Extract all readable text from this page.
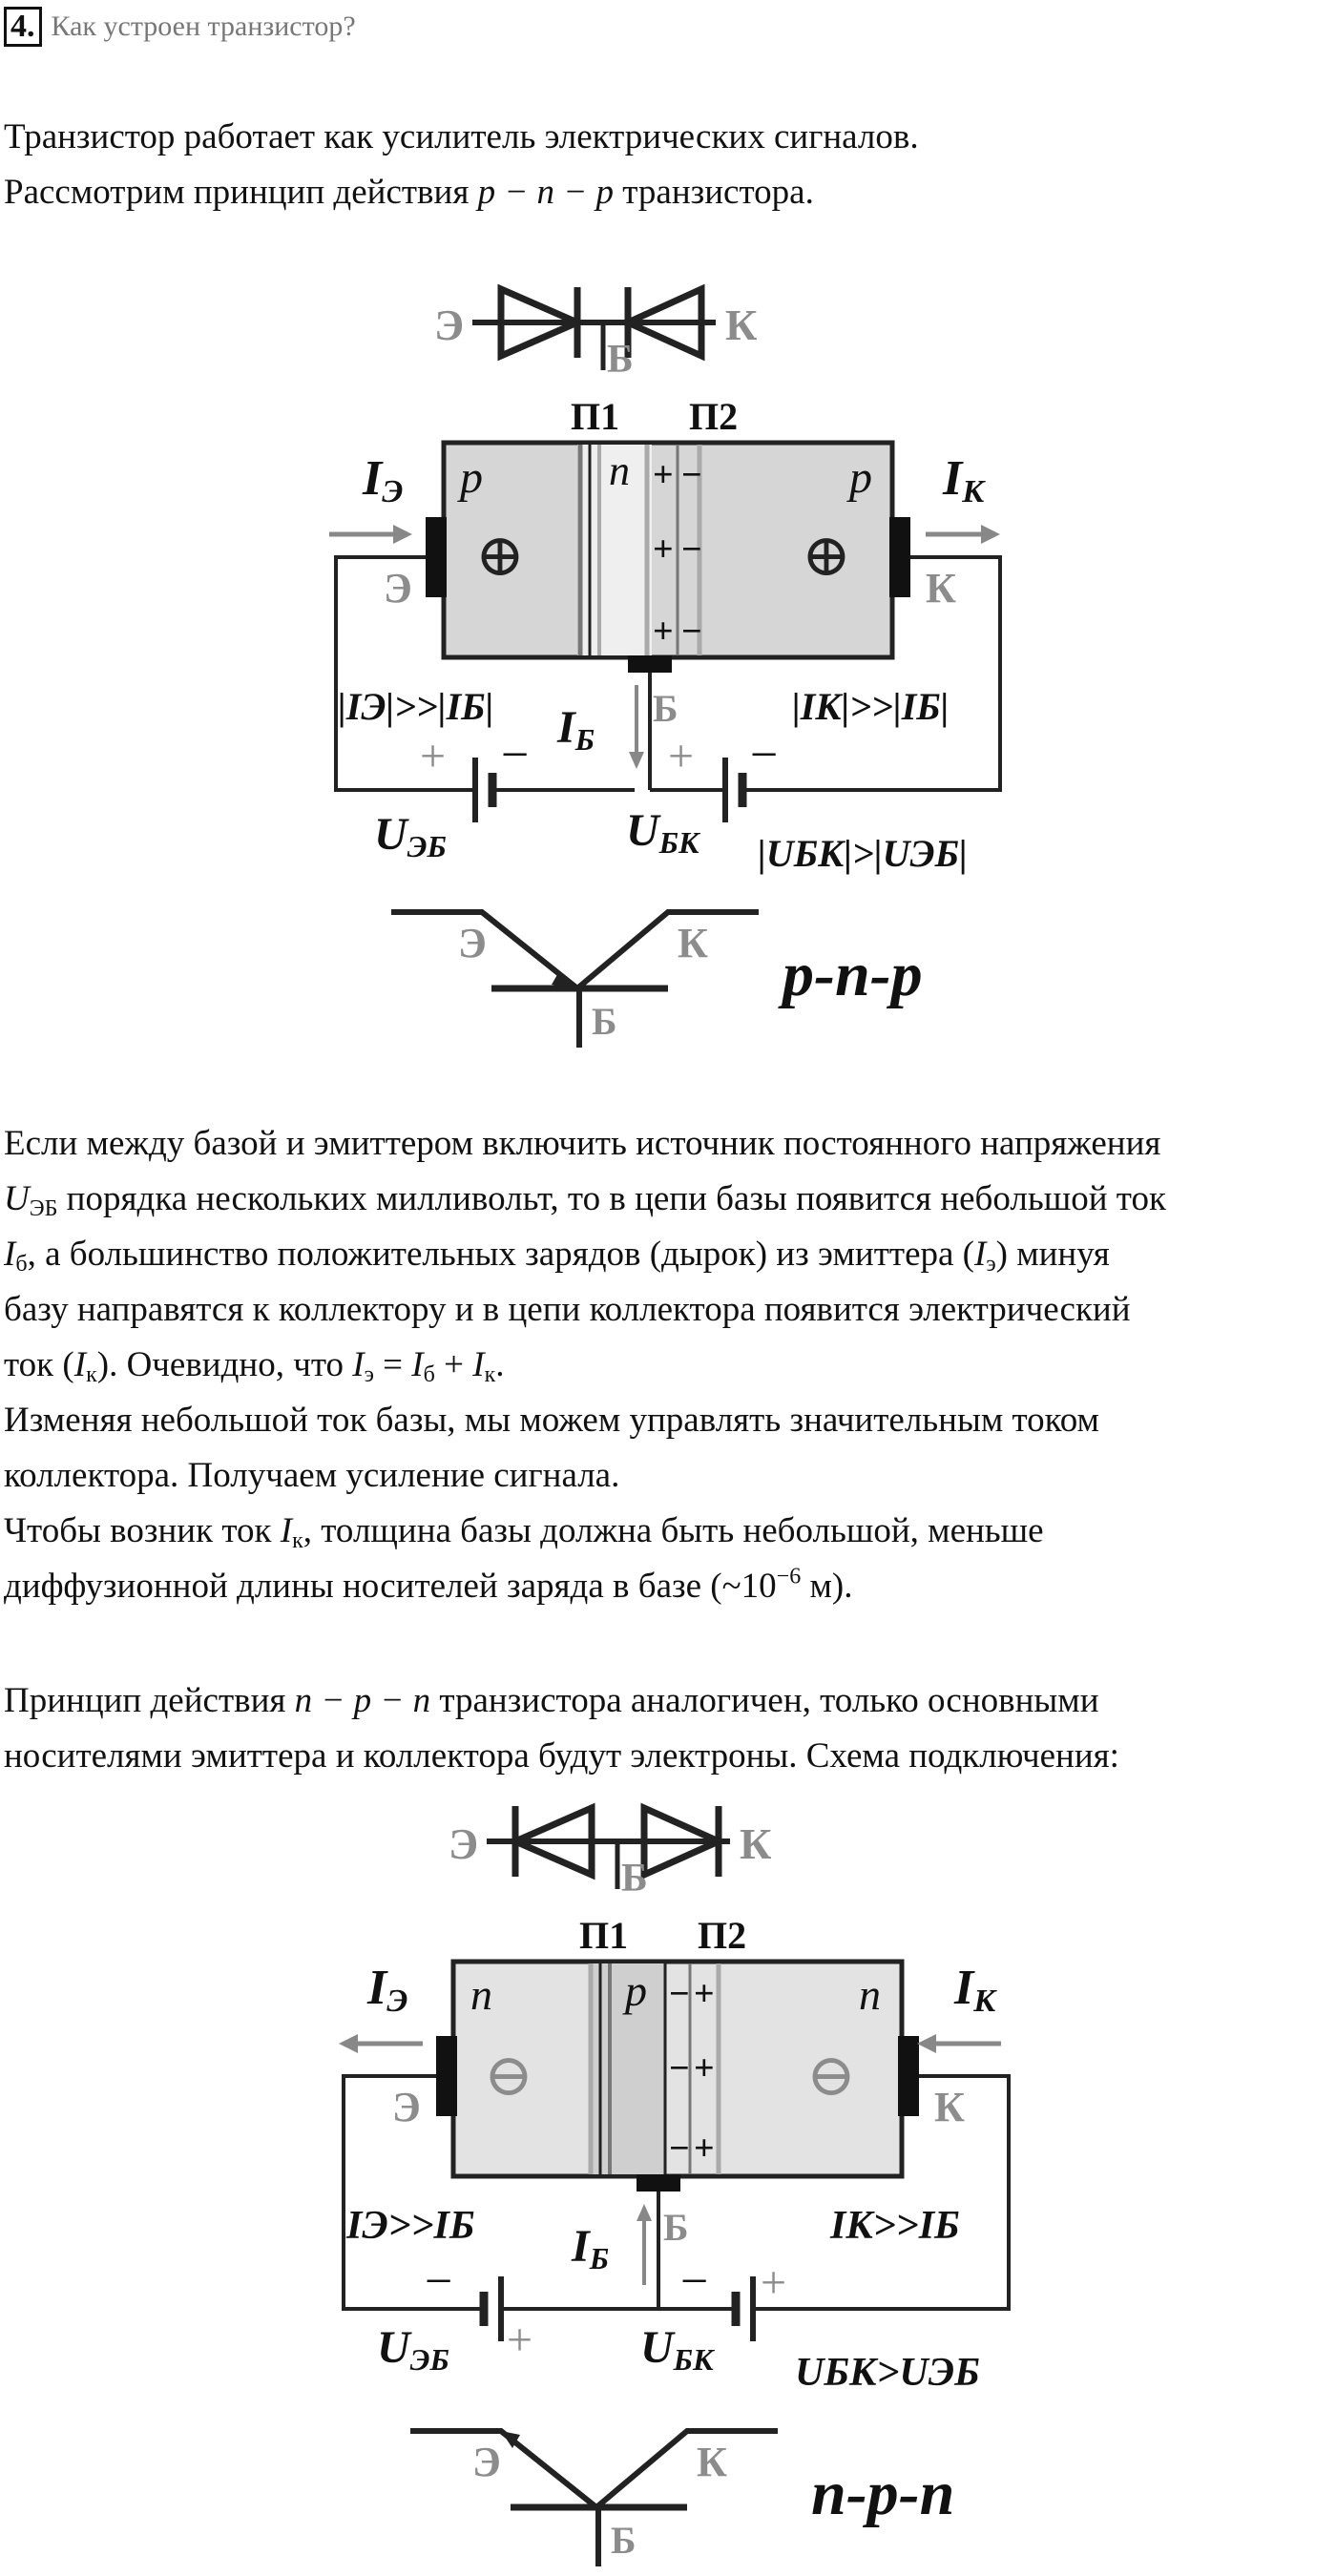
4. Как устроен транзистор?

Транзистор работает как усилитель электрических сигналов.

Рассмотрим принцип действия p − n − p транзистора.

Э
Б
К
П1 П2
p	n	p
+
+
+
−
−
−
⊕	⊕
IЭ	IК
Э	К
Б
+ −	+ −
IБ
|IЭ|>>|IБ|	|IК|>>|IБ|
UЭБ	UБК |UБК|>|UЭБ|
Э	К
Б
p-n-p

Если между базой и эмиттером включить источник постоянного напряжения

$U_{ЭБ}$ порядка нескольких милливольт, то в цепи базы появится небольшой ток

$I_б$, а большинство положительных зарядов (дырок) из эмиттера $(I_э)$ минуя

базу направятся к коллектору и в цепи коллектора появится электрический

ток $(I_к)$. Очевидно, что $I_э = I_б + I_к$.

Изменяя небольшой ток базы, мы можем управлять значительным током

коллектора. Получаем усиление сигнала.

Чтобы возник ток $I_к$, толщина базы должна быть небольшой, меньше

диффузионной длины носителей заряда в базе ($\sim 10^{-6}$ м).

Принцип действия n − p − n транзистора аналогичен, только основными

носителями эмиттера и коллектора будут электроны. Схема подключения:

Э
Б
К
П1 П2
n	p	n
−
−
−
+
+
+
⊖	⊖
IЭ	IК
Э	К
Б
−
+
− +
IБ
IЭ>>IБ	IК>>IБ
UЭБ	UБК UБК>UЭБ
Э	К
Б
n-p-n
